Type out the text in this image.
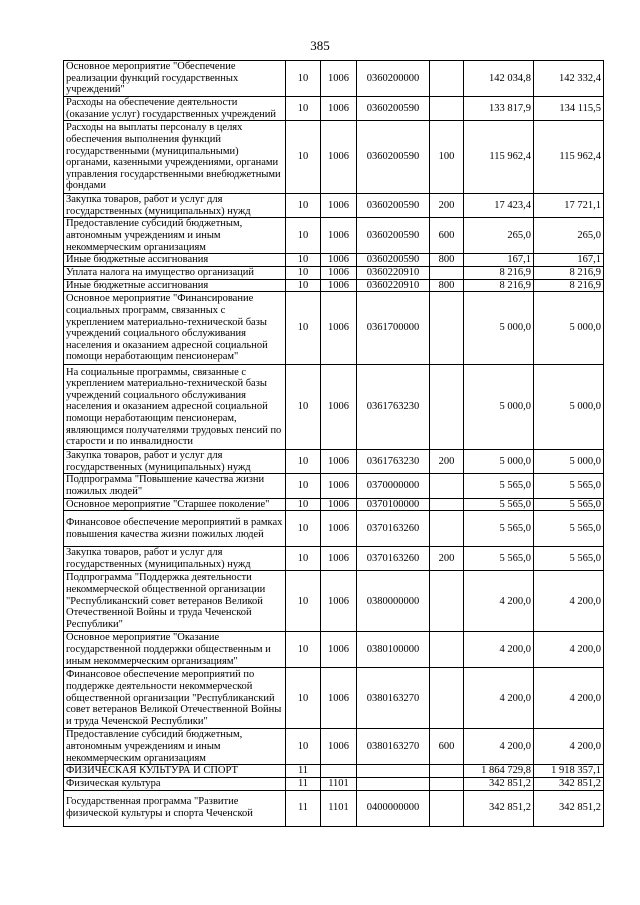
385
Основное мероприятие "Обеспечение реализации функций государственных учреждений"	10	1006	0360200000		142 034,8	142 332,4
Расходы на обеспечение деятельности (оказание услуг) государственных учреждений	10	1006	0360200590		133 817,9	134 115,5
Расходы на выплаты персоналу в целях обеспечения выполнения функций государственными (муниципальными) органами, казенными учреждениями, органами управления государственными внебюджетными фондами	10	1006	0360200590	100	115 962,4	115 962,4
Закупка товаров, работ и услуг для государственных (муниципальных) нужд	10	1006	0360200590	200	17 423,4	17 721,1
Предоставление субсидий бюджетным, автономным учреждениям и иным некоммерческим организациям	10	1006	0360200590	600	265,0	265,0
Иные бюджетные ассигнования	10	1006	0360200590	800	167,1	167,1
Уплата налога на имущество организаций	10	1006	0360220910		8 216,9	8 216,9
Иные бюджетные ассигнования	10	1006	0360220910	800	8 216,9	8 216,9
Основное мероприятие "Финансирование социальных программ, связанных с укреплением материально-технической базы учреждений социального обслуживания населения и оказанием адресной социальной помощи неработающим пенсионерам"	10	1006	0361700000		5 000,0	5 000,0
На социальные программы, связанные с укреплением материально-технической базы учреждений социального обслуживания населения и оказанием адресной социальной помощи неработающим пенсионерам, являющимся получателями трудовых пенсий по старости и по инвалидности	10	1006	0361763230		5 000,0	5 000,0
Закупка товаров, работ и услуг для государственных (муниципальных) нужд	10	1006	0361763230	200	5 000,0	5 000,0
Подпрограмма "Повышение качества жизни пожилых людей"	10	1006	0370000000		5 565,0	5 565,0
Основное мероприятие "Старшее поколение"	10	1006	0370100000		5 565,0	5 565,0
Финансовое обеспечение мероприятий в рамках повышения качества жизни пожилых людей	10	1006	0370163260		5 565,0	5 565,0
Закупка товаров, работ и услуг для государственных (муниципальных) нужд	10	1006	0370163260	200	5 565,0	5 565,0
Подпрограмма "Поддержка деятельности некоммерческой общественной организации "Республиканский совет ветеранов Великой Отечественной Войны и труда Чеченской Республики"	10	1006	0380000000		4 200,0	4 200,0
Основное мероприятие "Оказание государственной поддержки общественным и иным некоммерческим организациям"	10	1006	0380100000		4 200,0	4 200,0
Финансовое обеспечение мероприятий по поддержке деятельности некоммерческой общественной организации "Республиканский совет ветеранов Великой Отечественной Войны и труда Чеченской Республики"	10	1006	0380163270		4 200,0	4 200,0
Предоставление субсидий бюджетным, автономным учреждениям и иным некоммерческим организациям	10	1006	0380163270	600	4 200,0	4 200,0
ФИЗИЧЕСКАЯ КУЛЬТУРА И СПОРТ	11				1 864 729,8	1 918 357,1
Физическая культура	11	1101			342 851,2	342 851,2
Государственная программа "Развитие физической культуры и спорта Чеченской	11	1101	0400000000		342 851,2	342 851,2
